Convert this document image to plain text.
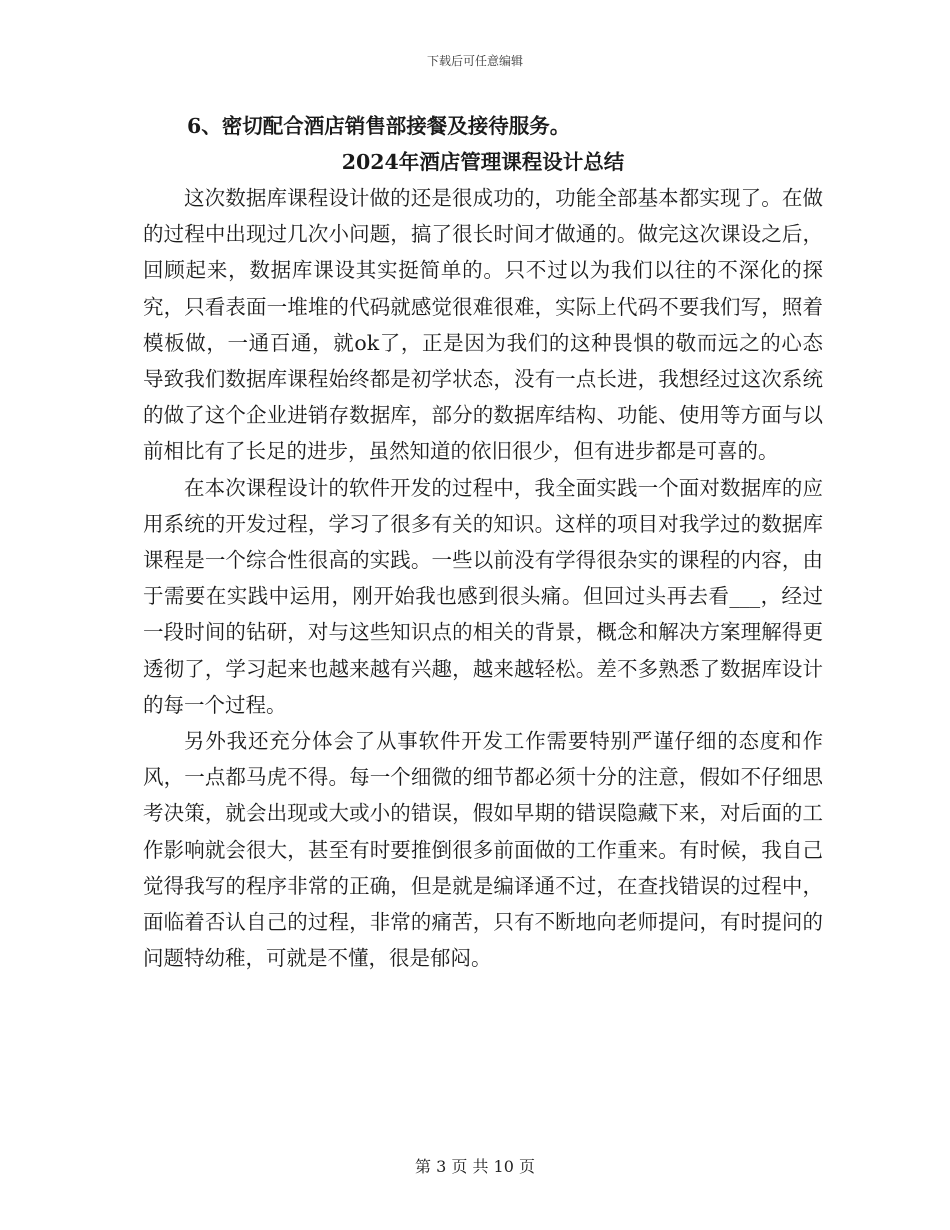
下载后可任意编辑

6、密切配合酒店销售部接餐及接待服务。

2024年酒店管理课程设计总结

这次数据库课程设计做的还是很成功的，功能全部基本都实现了。在做的过程中出现过几次小问题，搞了很长时间才做通的。做完这次课设之后，回顾起来，数据库课设其实挺简单的。只不过以为我们以往的不深化的探究，只看表面一堆堆的代码就感觉很难很难，实际上代码不要我们写，照着模板做，一通百通，就ok了，正是因为我们的这种畏惧的敬而远之的心态导致我们数据库课程始终都是初学状态，没有一点长进，我想经过这次系统的做了这个企业进销存数据库，部分的数据库结构、功能、使用等方面与以前相比有了长足的进步，虽然知道的依旧很少，但有进步都是可喜的。

在本次课程设计的软件开发的过程中，我全面实践一个面对数据库的应用系统的开发过程，学习了很多有关的知识。这样的项目对我学过的数据库课程是一个综合性很高的实践。一些以前没有学得很杂实的课程的内容，由于需要在实践中运用，刚开始我也感到很头痛。但回过头再去看___，经过一段时间的钻研，对与这些知识点的相关的背景，概念和解决方案理解得更透彻了，学习起来也越来越有兴趣，越来越轻松。差不多熟悉了数据库设计的每一个过程。

另外我还充分体会了从事软件开发工作需要特别严谨仔细的态度和作风，一点都马虎不得。每一个细微的细节都必须十分的注意，假如不仔细思考决策，就会出现或大或小的错误，假如早期的错误隐藏下来，对后面的工作影响就会很大，甚至有时要推倒很多前面做的工作重来。有时候，我自己觉得我写的程序非常的正确，但是就是编译通不过，在查找错误的过程中，面临着否认自己的过程，非常的痛苦，只有不断地向老师提问，有时提问的问题特幼稚，可就是不懂，很是郁闷。

第 3 页 共 10 页
